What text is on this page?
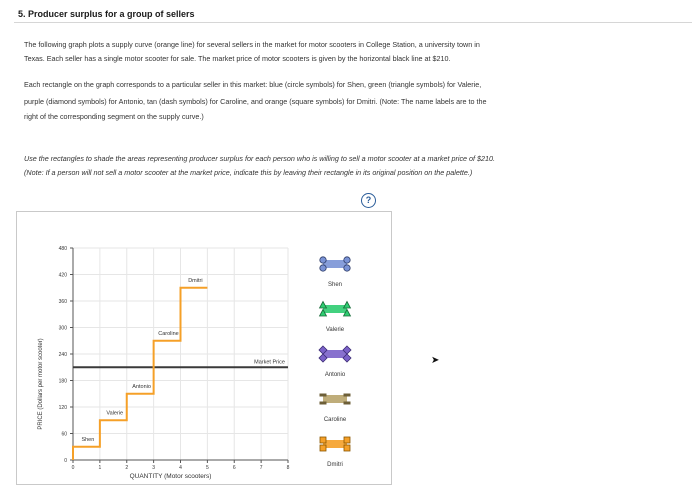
5. Producer surplus for a group of sellers
The following graph plots a supply curve (orange line) for several sellers in the market for motor scooters in College Station, a university town in
Texas. Each seller has a single motor scooter for sale. The market price of motor scooters is given by the horizontal black line at $210.
Each rectangle on the graph corresponds to a particular seller in this market: blue (circle symbols) for Shen, green (triangle symbols) for Valerie,
purple (diamond symbols) for Antonio, tan (dash symbols) for Caroline, and orange (square symbols) for Dmitri. (Note: The name labels are to the
right of the corresponding segment on the supply curve.)
Use the rectangles to shade the areas representing producer surplus for each person who is willing to sell a motor scooter at a market price of $210.
(Note: If a person will not sell a motor scooter at the market price, indicate this by leaving their rectangle in its original position on the palette.)
?
0
60
120
180
240
300
360
420
480
0	1	2	3	4	5	6	7	8
QUANTITY (Motor scooters)
PRICE (Dollars per motor scooter)	Market Price
Shen
Valerie
Antonio
Caroline
Dmitri
Shen
Valerie
Antonio
Caroline
Dmitri
➤
